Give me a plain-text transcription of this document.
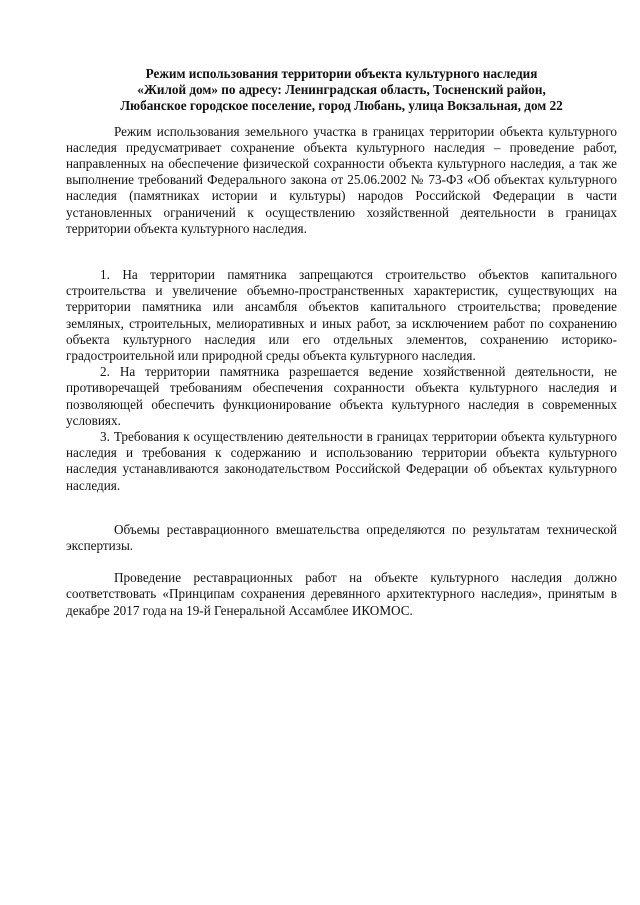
Режим использования территории объекта культурного наследия
«Жилой дом» по адресу: Ленинградская область, Тосненский район,
Любанское городское поселение, город Любань, улица Вокзальная, дом 22

Режим использования земельного участка в границах территории объекта культурного наследия предусматривает сохранение объекта культурного наследия – проведение работ, направленных на обеспечение физической сохранности объекта культурного наследия, а так же выполнение требований Федерального закона от 25.06.2002 № 73-ФЗ «Об объектах культурного наследия (памятниках истории и культуры) народов Российской Федерации в части установленных ограничений к осуществлению хозяйственной деятельности в границах территории объекта культурного наследия.

1. На территории памятника запрещаются строительство объектов капитального строительства и увеличение объемно-пространственных характеристик, существующих на территории памятника или ансамбля объектов капитального строительства; проведение земляных, строительных, мелиоративных и иных работ, за исключением работ по сохранению объекта культурного наследия или его отдельных элементов, сохранению историко-градостроительной или природной среды объекта культурного наследия.

2. На территории памятника разрешается ведение хозяйственной деятельности, не противоречащей требованиям обеспечения сохранности объекта культурного наследия и позволяющей обеспечить функционирование объекта культурного наследия в современных условиях.

3. Требования к осуществлению деятельности в границах территории объекта культурного наследия и требования к содержанию и использованию территории объекта культурного наследия устанавливаются законодательством Российской Федерации об объектах культурного наследия.

Объемы реставрационного вмешательства определяются по результатам технической экспертизы.

Проведение реставрационных работ на объекте культурного наследия должно соответствовать «Принципам сохранения деревянного архитектурного наследия», принятым в декабре 2017 года на 19-й Генеральной Ассамблее ИКОМОС.
